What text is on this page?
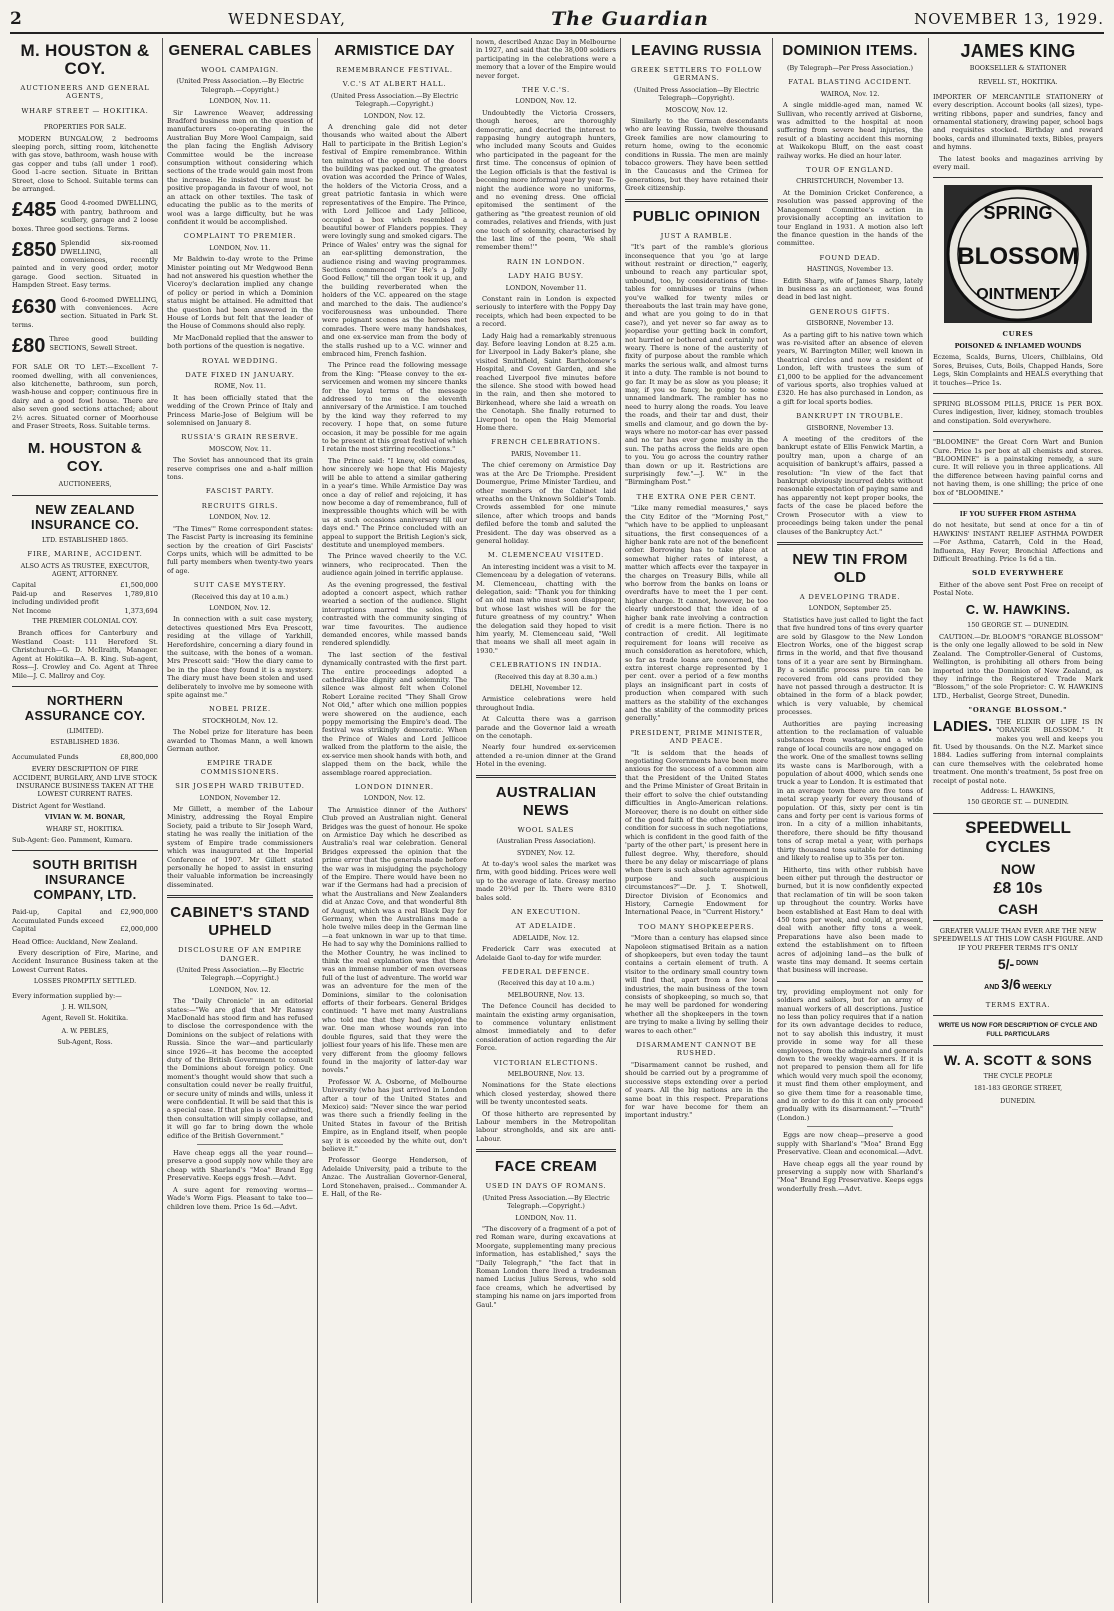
2	WEDNESDAY,	The Guardian	NOVEMBER 13, 1929.
M. HOUSTON & COY.
AUCTIONEERS AND GENERAL AGENTS,
WHARF STREET — HOKITIKA.
PROPERTIES FOR SALE.

MODERN BUNGALOW, 2 bedrooms sleeping porch, sitting room, kitchenette with gas stove, bathroom, wash house with gas copper and tubs (all under 1 roof). Good 1-acre section. Situate in Brittan Street, close to School. Suitable terms can be arranged.

£485 Good 4-roomed DWELLING, with pantry, bathroom and scullery, garage and 2 loose boxes. Three good sections. Terms.
£850 Splendid six-roomed DWELLING, all conveniences, recently painted and in very good order, motor garage. Good section. Situated in Hampden Street. Easy terms.
£630 Good 6-roomed DWELLING, with conveniences. Acre section. Situated in Park St. terms.
£80 Three good building SECTIONS, Sewell Street.

FOR SALE OR TO LET:—Excellent 7-roomed dwelling, with all conveniences, also kitchenette, bathroom, sun porch, wash-house and copper; continuous fire in dairy and a good fowl house. There are also seven good sections attached; about 2½ acres. Situated corner of Moorhouse and Fraser Streets, Ross. Suitable terms.

M. HOUSTON & COY.
AUCTIONEERS,
NEW ZEALAND INSURANCE CO.
LTD. ESTABLISHED 1865.
FIRE, MARINE, ACCIDENT.
ALSO ACTS AS TRUSTEE, EXECUTOR, AGENT, ATTORNEY.
Capital	£1,500,000
Paid-up and Reserves including undivided profit
1,789,810
Net Income	1,373,694
THE PREMIER COLONIAL COY.

Branch offices for Canterbury and Westland Coast: 111 Hereford St. Christchurch—G. D. McIlraith, Manager. Agent at Hokitika—A. B. King. Sub-agent, Ross—J. Crowley and Co. Agent at Three Mile—J. C. Mallroy and Coy.

NORTHERN ASSURANCE COY.
(LIMITED).
ESTABLISHED 1836.
Accumulated Funds	£8,800,000

EVERY DESCRIPTION OF FIRE ACCIDENT, BURGLARY, AND LIVE STOCK INSURANCE BUSINESS TAKEN AT THE LOWEST CURRENT RATES.

District Agent for Westland.

VIVIAN W. M. BONAR,
WHARF ST., HOKITIKA.

Sub-Agent: Geo. Pamment, Kumara.

SOUTH BRITISH INSURANCE COMPANY, LTD.
Paid-up, Capital and Accumulated Funds exceed
£2,900,000
Capital	£2,000,000

Head Office: Auckland, New Zealand.

Every description of Fire, Marine, and Accident Insurance Business taken at the Lowest Current Rates.

LOSSES PROMPTLY SETTLED.

Every information supplied by:—

J. H. WILSON,
Agent, Revell St. Hokitika.
A. W. PEBLES,
Sub-Agent, Ross.
GENERAL CABLES
WOOL CAMPAIGN.
(United Press Association.—By Electric Telegraph.—Copyright.)
LONDON, Nov. 11.

Sir Lawrence Weaver, addressing Bradford business men on the question of manufacturers co-operating in the Australian Buy More Wool Campaign, said the plan facing the English Advisory Committee would be the increase consumption without considering which sections of the trade would gain most from the increase. He insisted there must be positive propaganda in favour of wool, not an attack on other textiles. The task of educating the public as to the merits of wool was a large difficulty, but he was confident it would be accomplished.

COMPLAINT TO PREMIER.
LONDON, Nov. 11.

Mr Baldwin to-day wrote to the Prime Minister pointing out Mr Wedgwood Benn had not answered his question whether the Viceroy's declaration implied any change of policy or period in which a Dominion status might be attained. He admitted that the question had been answered in the House of Lords but felt that the leader of the House of Commons should also reply.

Mr MacDonald replied that the answer to both portions of the question is negative.

ROYAL WEDDING.
DATE FIXED IN JANUARY.
ROME, Nov. 11.

It has been officially stated that the wedding of the Crown Prince of Italy and Princess Marie-Jose of Belgium will be solemnised on January 8.

RUSSIA'S GRAIN RESERVE.
MOSCOW, Nov. 11.

The Soviet has announced that its grain reserve comprises one and a-half million tons.

FASCIST PARTY.
RECRUITS GIRLS.
LONDON, Nov. 12.

"The Times'" Rome correspondent states: The Fascist Party is increasing its feminine section by the creation of Girl Fascists' Corps units, which will be admitted to be full party members when twenty-two years of age.

SUIT CASE MYSTERY.
(Received this day at 10 a.m.)
LONDON, Nov. 12.

In connection with a suit case mystery, detectives questioned Mrs Eva Prescott, residing at the village of Yarkhill, Herefordshire, concerning a diary found in the suitcase, with the bones of a woman. Mrs Prescott said: "How the diary came to be in the place they found it is a mystery. The diary must have been stolen and used deliberately to involve me by someone with spite against me."

NOBEL PRIZE.
STOCKHOLM, Nov. 12.

The Nobel prize for literature has been awarded to Thomas Mann, a well known German author.

EMPIRE TRADE COMMISSIONERS.
SIR JOSEPH WARD TRIBUTED.
LONDON, November 12.

Mr Gillett, a member of the Labour Ministry, addressing the Royal Empire Society, paid a tribute to Sir Joseph Ward, stating he was really the initiation of the system of Empire trade commissioners which was inaugurated at the Imperial Conference of 1907. Mr Gillett stated personally he hoped to assist in ensuring their valuable information be increasingly disseminated.

CABINET'S STAND UPHELD
DISCLOSURE OF AN EMPIRE DANGER.
(United Press Association.—By Electric Telegraph.—Copyright.)
LONDON, Nov. 12.

The "Daily Chronicle" in an editorial states:—"We are glad that Mr Ramsay MacDonald has stood firm and has refused to disclose the correspondence with the Dominions on the subject of relations with Russia. Since the war—and particularly since 1926—it has become the accepted duty of the British Government to consult the Dominions about foreign policy. One moment's thought would show that such a consultation could never be really fruitful, or secure unity of minds and wills, unless it were confidential. It will be said that this is a special case. If that plea is ever admitted, then consultation will simply collapse, and it will go far to bring down the whole edifice of the British Government."

Have cheap eggs all the year round—preserve a good supply now while they are cheap with Sharland's "Moa" Brand Egg Preservative. Keeps eggs fresh.—Advt.

A sure agent for removing worms—Wade's Worm Figs. Pleasant to take too—children love them. Price 1s 6d.—Advt.

ARMISTICE DAY
REMEMBRANCE FESTIVAL.
V.C.'S AT ALBERT HALL.
(United Press Association.—By Electric Telegraph.—Copyright.)
LONDON, Nov. 12.

A drenching gale did not deter thousands who waited about the Albert Hall to participate in the British Legion's festival of Empire remembrance. Within ten minutes of the opening of the doors the building was packed out. The greatest ovation was accorded the Prince of Wales, the holders of the Victoria Cross, and a great patriotic fantasia in which were representatives of the Empire. The Prince, with Lord Jellicoe and Lady Jellicoe, occupied a box which resembled a beautiful bower of Flanders poppies. They were lovingly sung and smoked cigars. The Prince of Wales' entry was the signal for an ear-splitting demonstration, the audience rising and waving programmes. Sections commenced "For He's a Jolly Good Fellow," till the organ took it up, and the building reverberated when the holders of the V.C. appeared on the stage and marched to the dais. The audience's vociferousness was unbounded. There were poignant scenes as the heroes met comrades. There were many handshakes, and one ex-service man from the body of the stalls rushed up to a V.C. winner and embraced him, French fashion.

The Prince read the following message from the King: "Please convey to the ex-servicemen and women my sincere thanks for the loyal terms of the message addressed to me on the eleventh anniversary of the Armistice. I am touched by the kind way they referred to my recovery. I hope that, on some future occasion, it may be possible for me again to be present at this great festival of which I retain the most stirring recollections."

The Prince said: "I knew, old comrades, how sincerely we hope that His Majesty will be able to attend a similar gathering in a year's time. While Armistice Day was once a day of relief and rejoicing, it has now become a day of remembrance, full of inexpressible thoughts which will be with us at such occasions anniversary till our days end." The Prince concluded with an appeal to support the British Legion's sick, destitute and unemployed members.

The Prince waved cheerily to the V.C. winners, who reciprocated. Then the audience again joined in terrific applause.

As the evening progressed, the festival adopted a concert aspect, which rather wearied a section of the audience. Slight interruptions marred the solos. This contrasted with the community singing of war time favourites. The audience demanded encores, while massed bands rendered splendidly.

The last section of the festival dynamically contrasted with the first part. The entire proceedings adopted a cathedral-like dignity and solemnity. The silence was almost felt when Colonel Robert Loraine recited "They Shall Grow Not Old," after which one million poppies were showered on the audience, each poppy memorising the Empire's dead. The festival was strikingly democratic. When the Prince of Wales and Lord Jellicoe walked from the platform to the aisle, the ex-service men shook hands with both, and slapped them on the back, while the assemblage roared appreciation.

LONDON DINNER.
LONDON, Nov. 12.

The Armistice dinner of the Authors' Club proved an Australian night. General Bridges was the guest of honour. He spoke on Armistice Day which he described as Australia's real war celebration. General Bridges expressed the opinion that the prime error that the generals made before the war was in misjudging the psychology of the Empire. There would have been no war if the Germans had had a precision of what the Australians and New Zealanders did at Anzac Cove, and that wonderful 8th of August, which was a real Black Day for Germany, when the Australians made a hole twelve miles deep in the German line—a feat unknown in war up to that time. He had to say why the Dominions rallied to the Mother Country, he was inclined to think the real explanation was that there was an immense number of men overseas full of the lust of adventure. The world war was an adventure for the men of the Dominions, similar to the colonisation efforts of their forbears. General Bridges continued: "I have met many Australians who told me that they had enjoyed the war. One man whose wounds ran into double figures, said that they were the jolliest four years of his life. These men are very different from the gloomy fellows found in the majority of latter-day war novels."

Professor W. A. Osborne, of Melbourne University (who has just arrived in London after a tour of the United States and Mexico) said: "Never since the war period was there such a friendly feeling in the United States in favour of the British Empire, as in England itself, when people say it is exceeded by the white out, don't believe it."

Professor George Henderson, of Adelaide University, paid a tribute to the Anzac. The Australian Governor-General, Lord Stonehaven, praised... Commander A. E. Hall, of the Re-

nown, described Anzac Day in Melbourne in 1927, and said that the 38,000 soldiers participating in the celebrations were a memory that a lover of the Empire would never forget.

THE V.C.'S.
LONDON, Nov. 12.

Undoubtedly the Victoria Crossers, though heroes, are thoroughly democratic, and decried the interest to rappasing hungry autograph hunters, who included many Scouts and Guides who participated in the pageant for the first time. The concensus of opinion of the Legion officials is that the festival is becoming more informal year by year. To-night the audience wore no uniforms, and no evening dress. One official epitomised the sentiment of the gathering as "the greatest reunion of old comrades, relatives and friends, with just one touch of solemnity, characterised by the last line of the poem, 'We shall remember them!'"

RAIN IN LONDON.
LADY HAIG BUSY.
LONDON, November 11.

Constant rain in London is expected seriously to interfere with the Poppy Day receipts, which had been expected to be a record.

Lady Haig had a remarkably strenuous day. Before leaving London at 8.25 a.m. for Liverpool in Lady Baker's plane, she visited Smithfield, Saint Bartholomew's Hospital, and Covent Garden, and she reached Liverpool five minutes before the silence. She stood with bowed head in the rain, and then she motored to Birkenhead, where she laid a wreath on the Cenotaph. She finally returned to Liverpool to open the Haig Memorial Home there.

FRENCH CELEBRATIONS.
PARIS, November 11.

The chief ceremony on Armistice Day was at the Arc De Triomphe. President Doumergue, Prime Minister Tardieu, and other members of the Cabinet laid wreaths on the Unknown Soldier's Tomb. Crowds assembled for one minute silence, after which troops and bands defiled before the tomb and saluted the President. The day was observed as a general holiday.

M. CLEMENCEAU VISITED.

An interesting incident was a visit to M. Clemenceau by a delegation of veterans. M. Clemenceau, chatting with the delegation, said: "Thank you for thinking of an old man who must soon disappear, but whose last wishes will be for the future greatness of my country." When the delegation said they hoped to visit him yearly, M. Clemenceau said, "Well that means we shall all meet again in 1930."

CELEBRATIONS IN INDIA.
(Received this day at 8.30 a.m.)
DELHI, November 12.

Armistice celebrations were held throughout India.

At Calcutta there was a garrison parade and the Governor laid a wreath on the cenotaph.

Nearly four hundred ex-servicemen attended a re-union dinner at the Grand Hotel in the evening.

AUSTRALIAN NEWS
WOOL SALES
(Australian Press Association).
SYDNEY, Nov. 12.

At to-day's wool sales the market was firm, with good bidding. Prices were well up to the average of late. Greasy merino made 20¼d per lb. There were 8310 bales sold.

AN EXECUTION.
AT ADELAIDE.
ADELAIDE, Nov. 12.

Frederick Carr was executed at Adelaide Gaol to-day for wife murder.

FEDERAL DEFENCE.
(Received this day at 10 a.m.)
MELBOURNE, Nov. 13.

The Defence Council has decided to maintain the existing army organisation, to commence voluntary enlistment almost immediately and to defer consideration of action regarding the Air Force.

VICTORIAN ELECTIONS.
MELBOURNE, Nov. 13.

Nominations for the State elections which closed yesterday, showed there will be twenty uncontested seats.

Of those hitherto are represented by Labour members in the Metropolitan labour strongholds, and six are anti-Labour.

FACE CREAM
USED IN DAYS OF ROMANS.
(United Press Association.—By Electric Telegraph.—Copyright.)
LONDON, Nov. 11.

"The discovery of a fragment of a pot of red Roman ware, during excavations at Moorgate, supplementing many precious information, has established," says the "Daily Telegraph," "the fact that in Roman London there lived a tradesman named Lucius Julius Sereus, who sold face creams, which he advertised by stamping his name on jars imported from Gaul."

LEAVING RUSSIA
GREEK SETTLERS TO FOLLOW GERMANS.
(United Press Association—By Electric Telegraph—Copyright).
MOSCOW, Nov. 12.

Similarly to the German descendants who are leaving Russia, twelve thousand Greek families are now clamouring to return home, owing to the economic conditions in Russia. The men are mainly tobacco growers. They have been settled in the Caucasus and the Crimea for generations, but they have retained their Greek citizenship.

PUBLIC OPINION
JUST A RAMBLE.

"It's part of the ramble's glorious inconsequence that you 'go at large without restraint or direction,'" eagerly, unbound to reach any particular spot, unbound, too, by considerations of time-tables for omnibuses or trains (when you've walked for twenty miles or thereabouts the last train may have gone, and what are you going to do in that case?), and yet never so far away as to jeopardise your getting back in comfort, not hurried or bothered and certainly not weary. There is none of the austerity of fixity of purpose about the ramble which marks the serious walk, and almost turns it into a duty. The ramble is not bound to go far. It may be as slow as you please; it may, if you so fancy, be going to some unnamed landmark. The rambler has no need to hurry along the roads. You leave the roads, and their tar and dust, their smells and clamour, and go down the by-ways where no motor-car has ever passed and no tar has ever gone mushy in the sun. The paths across the fields are open to you. You go across the country rather than down or up it. Restrictions are surprisingly few."—J. W." in the "Birmingham Post."

THE EXTRA ONE PER CENT.

"Like many remedial measures," says the City Editor of the "Morning Post," "which have to be applied to unpleasant situations, the first consequences of a higher bank rate are not of the beneficent order. Borrowing has to take place at somewhat higher rates of interest, a matter which affects ever the taxpayer in the charges on Treasury Bills, while all who borrow from the banks on loans or overdrafts have to meet the 1 per cent. higher charge. It cannot, however, be too clearly understood that the idea of a higher bank rate involving a contraction of credit is a mere fiction. There is no contraction of credit. All legitimate requirement for loans will receive as much consideration as heretofore, which, so far as trade loans are concerned, the extra interest charge represented by 1 per cent. over a period of a few months plays an insignificant part in costs of production when compared with such matters as the stability of the exchanges and the stability of the commodity prices generally."

PRESIDENT, PRIME MINISTER, AND PEACE.

"It is seldom that the heads of negotiating Governments have been more anxious for the success of a common aim that the President of the United States and the Prime Minister of Great Britain in their effort to solve the chief outstanding difficulties in Anglo-American relations. Moreover, there is no doubt on either side of the good faith of the other. The prime condition for success in such negotiations, which is confident in the good faith of the 'party of the other part,' is present here in fullest degree. Why, therefore, should there be any delay or miscarriage of plans when there is such absolute agreement in purpose and such auspicious circumstances?"—Dr. J. T. Shotwell, Director Division of Economics and History, Carnegie Endowment for International Peace, in "Current History."

TOO MANY SHOPKEEPERS.

"More than a century has elapsed since Napoleon stigmatised Britain as a nation of shopkeepers, but even today the taunt contains a certain element of truth. A visitor to the ordinary small country town will find that, apart from a few local industries, the main business of the town consists of shopkeeping, so much so, that he may well be pardoned for wondering whether all the shopkeepers in the town are trying to make a living by selling their wares to each other."

DISARMAMENT CANNOT BE RUSHED.

"Disarmament cannot be rushed, and should be carried out by a programme of successive steps extending over a period of years. All the big nations are in the same boat in this respect. Preparations for war have become for them an important industry."

DOMINION ITEMS.
(By Telegraph—Per Press Association.)
FATAL BLASTING ACCIDENT.
WAIROA, Nov. 12.

A single middle-aged man, named W. Sullivan, who recently arrived at Gisborne, was admitted to the hospital at noon suffering from severe head injuries, the result of a blasting accident this morning at Waikokopu Bluff, on the east coast railway works. He died an hour later.

TOUR OF ENGLAND.
CHRISTCHURCH, November 13.

At the Dominion Cricket Conference, a resolution was passed approving of the Management Committee's action in provisionally accepting an invitation to tour England in 1931. A motion also left the finance question in the hands of the committee.

FOUND DEAD.
HASTINGS, November 13.

Edith Sharp, wife of James Sharp, lately in business as an auctioneer, was found dead in bed last night.

GENEROUS GIFTS.
GISBORNE, November 13.

As a parting gift to his native town which was re-visited after an absence of eleven years, W. Barrington Miller, well known in theatrical circles and now a resident of London, left with trustees the sum of £1,000 to be applied for the advancement of various sports, also trophies valued at £320. He has also purchased in London, as a gift for local sports bodies.

BANKRUPT IN TROUBLE.
GISBORNE, November 13.

A meeting of the creditors of the bankrupt estate of Ellis Fenwick Martin, a poultry man, upon a charge of an acquisition of bankrupt's affairs, passed a resolution: "In view of the fact that bankrupt obviously incurred debts without reasonable expectation of paying same and has apparently not kept proper books, the facts of the case be placed before the Crown Prosecutor with a view to proceedings being taken under the penal clauses of the Bankruptcy Act."

NEW TIN FROM OLD
A DEVELOPING TRADE.
LONDON, September 25.

Statistics have just called to light the fact that five hundred tons of tins every quarter are sold by Glasgow to the New London Electron Works, one of the biggest scrap firms in the world, and that five thousand tons of it a year are sent by Birmingham. By a scientific process pure tin can be recovered from old cans provided they have not passed through a destructor. It is obtained in the form of a black powder, which is very valuable, by chemical processes.

Authorities are paying increasing attention to the reclamation of valuable substances from wastage, and a wide range of local councils are now engaged on the work. One of the smallest towns selling its waste cans is Marlborough, with a population of about 4000, which sends one truck a year to London. It is estimated that in an average town there are five tons of metal scrap yearly for every thousand of population. Of this, sixty per cent is tin cans and forty per cent is various forms of iron. In a city of a million inhabitants, therefore, there should be fifty thousand tons of scrap metal a year, with perhaps thirty thousand tons suitable for detinning and likely to realise up to 35s per ton.

Hitherto, tins with other rubbish have been either put through the destructor or burned, but it is now confidently expected that reclamation of tin will be soon taken up throughout the country. Works have been established at East Ham to deal with 450 tons per week, and could, at present, deal with another fifty tons a week. Preparations have also been made to extend the establishment on to fifteen acres of adjoining land—as the bulk of waste tins may demand. It seems certain that business will increase.

try, providing employment not only for soldiers and sailors, but for an army of manual workers of all descriptions. Justice no less than policy requires that if a nation for its own advantage decides to reduce, not to say abolish this industry, it must provide in some way for all these employees, from the admirals and generals down to the weekly wage-earners. If it is not prepared to pension them all for life which would very much spoil the economy, it must find them other employment, and so give them time for a reasonable time, and in order to do this it can only proceed gradually with its disarmament."—"Truth" (London.)

Eggs are now cheap—preserve a good supply with Sharland's "Moa" Brand Egg Preservative. Clean and economical.—Advt.

Have cheap eggs all the year round by preserving a supply now with Sharland's "Moa" Brand Egg Preservative. Keeps eggs wonderfully fresh.—Advt.

JAMES KING
BOOKSELLER & STATIONER
REVELL ST., HOKITIKA.

IMPORTER OF MERCANTILE STATIONERY of every description. Account books (all sizes), type-writing ribbons, paper and sundries, fancy and ornamental stationery, drawing paper, school bags and requisites stocked. Birthday and reward books, cards and illuminated texts, Bibles, prayers and hymns.

The latest books and magazines arriving by every mail.

SPRING
BLOSSOM
OINTMENT
CURES
POISONED & INFLAMED WOUNDS

Eczema, Scalds, Burns, Ulcers, Chilblains, Old Sores, Bruises, Cuts, Boils, Chapped Hands, Sore Legs, Skin Complaints and HEALS everything that it touches—Price 1s.

SPRING BLOSSOM PILLS, PRICE 1s PER BOX. Cures indigestion, liver, kidney, stomach troubles and constipation. Sold everywhere.

"BLOOMINE" the Great Corn Wart and Bunion Cure. Price 1s per box at all chemists and stores. "BLOOMINE" is a painstaking remedy, a sure cure. It will relieve you in three applications. All the difference between having painful corns and not having them, is one shilling; the price of one box of "BLOOMINE."

IF YOU SUFFER FROM ASTHMA

do not hesitate, but send at once for a tin of HAWKINS' INSTANT RELIEF ASTHMA POWDER—For Asthma, Catarrh, Cold in the Head, Influenza, Hay Fever, Bronchial Affections and Difficult Breathing. Price 1s 6d a tin.

SOLD EVERYWHERE

Either of the above sent Post Free on receipt of Postal Note.

C. W. HAWKINS.
150 GEORGE ST. — DUNEDIN.

CAUTION.—Dr. BLOOM'S "ORANGE BLOSSOM" is the only one legally allowed to be sold in New Zealand. The Comptroller-General of Customs, Wellington, is prohibiting all others from being imported into the Dominion of New Zealand, as they infringe the Registered Trade Mark "Blossom," of the sole Proprietor: C. W. HAWKINS LTD., Herbalist, George Street, Dunedin.

"ORANGE BLOSSOM."
LADIES. THE ELIXIR OF LIFE IS IN "ORANGE BLOSSOM." It makes you well and keeps you fit. Used by thousands. On the N.Z. Market since 1884. Ladies suffering from internal complaints can cure themselves with the celebrated home treatment. One month's treatment, 5s post free on receipt of postal note.
Address: L. HAWKINS,
150 GEORGE ST. — DUNEDIN.
SPEEDWELL
CYCLES
NOW
£8 10s
CASH

GREATER VALUE THAN EVER ARE THE NEW SPEEDWELLS AT THIS LOW CASH FIGURE. AND IF YOU PREFER TERMS IT'S ONLY

5/- DOWN
AND 3/6 WEEKLY
TERMS EXTRA.
WRITE US NOW FOR DESCRIPTION OF CYCLE AND FULL PARTICULARS
W. A. SCOTT & SONS
THE CYCLE PEOPLE
181-183 GEORGE STREET,
DUNEDIN.
